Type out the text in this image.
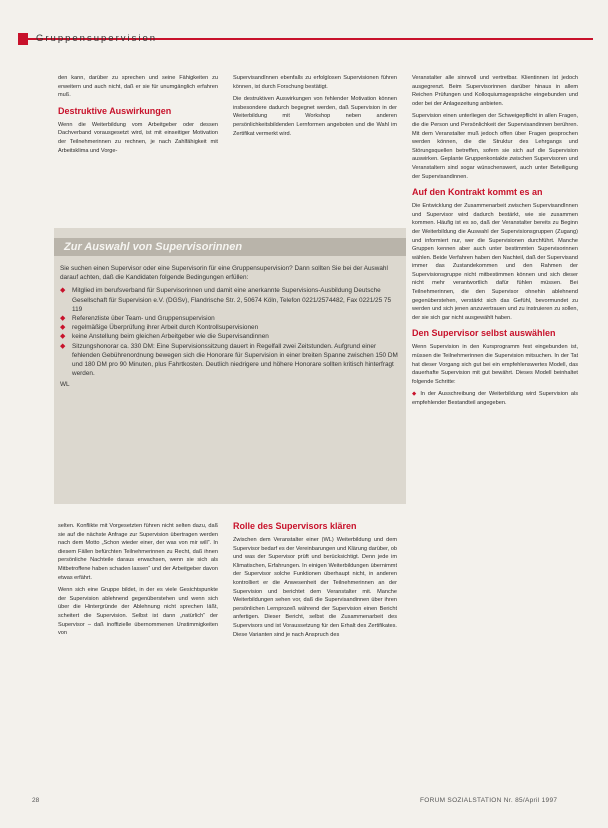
Gruppensupervision

den kann, darüber zu sprechen und seine Fähigkeiten zu erweitern und auch nicht, daß er sie für unumgänglich erfahren muß.

Destruktive Auswirkungen

Wenn die Weiterbildung vom Arbeitgeber oder dessen Dachverband vorausgesetzt wird, ist mit einseitiger Motivation der Teilnehmerinnen zu rechnen, je nach Zahlfähigkeit mit Arbeitsklima und Vorge-

SupervisandInnen ebenfalls zu erfolglosen Supervisionen führen können, ist durch Forschung bestätigt.

Die destruktiven Auswirkungen von fehlender Motivation können insbesondere dadurch begegnet werden, daß Supervision in der Weiterbildung mit Workshop neben anderen persönlichkeitsbildenden Lernformen angeboten und die Wahl im Zertifikat vermerkt wird.

Veranstalter alle sinnvoll und vertretbar. Klientinnen ist jedoch ausgegrenzt. Beim Supervisorinnen darüber hinaus in allem Reichen Prüfungen und Kolloquiumsgespräche eingebunden und oder bei der Anlagezeitung anbieten.

Supervision einen unterliegen der Schweigepflicht in allen Fragen, die die Person und Persönlichkeit der Supervisandinnen berühren. Mit dem Veranstalter muß jedoch offen über Fragen gesprochen werden können, die die Struktur des Lehrgangs und Störungsquellen betreffen, sofern sie sich auf die Supervision auswirken. Geplante Gruppenkontakte zwischen Supervisoren und Veranstaltern sind sogar wünschenswert, auch unter Beteiligung der Supervisandinnen.

Auf den Kontrakt kommt es an

Die Entwicklung der Zusammenarbeit zwischen SupervisandInnen und Supervisor wird dadurch bestärkt, wie sie zusammen kommen. Häufig ist es so, daß der Veranstalter bereits zu Beginn der Weiterbildung die Auswahl der Supervisionsgruppen (Zugang) und informiert nur, wer die Supervisionen durchführt. Manche Gruppen kennen aber auch unter bestimmten Supervisorinnen wählen. Beide Verfahren haben den Nachteil, daß der Supervisand immer das Zustandekommen und den Rahmen der Supervisionsgruppe nicht mitbestimmen können und sich dieser nicht mehr verantwortlich dafür fühlen müssen. Bei Teilnehmerinnen, die den Supervisor ohnehin ablehnend gegenüberstehen, verstärkt sich das Gefühl, bevormundet zu werden und sich jenen anzuvertrauen und zu instruieren zu sollen, der sie sich gar nicht ausgewählt haben.

Den Supervisor selbst auswählen

Wenn Supervision in den Kursprogramm fest eingebunden ist, müssen die Teilnehmerinnen die Supervision mitsuchen. In der Tat hat dieser Vorgang sich gut bei ein empfehlenswertes Modell, das dauerhafte Supervision mit gut bewährt. Dieses Modell beinhaltet folgende Schritte:

◆ In der Ausschreibung der Weiterbildung wird Supervision als empfehlender Bestandteil angegeben.

Zur Auswahl von Supervisorinnen

Sie suchen einen Supervisor oder eine Supervisorin für eine Gruppensupervision? Dann sollten Sie bei der Auswahl darauf achten, daß die Kandidaten folgende Bedingungen erfüllen:

◆ Mitglied im berufsverband für Supervisorinnen und damit eine anerkannte Supervisions-Ausbildung Deutsche Gesellschaft für Supervision e.V. (DGSv), Flandrische Str. 2, 50674 Köln, Telefon 0221/2574482, Fax 0221/25 75 119
◆ Referenzliste über Team- und Gruppensupervision
◆ regelmäßige Überprüfung ihrer Arbeit durch Kontrollsupervisionen
◆ keine Anstellung beim gleichen Arbeitgeber wie die Supervisandinnen
◆ Sitzungshonorar ca. 330 DM: Eine Supervisionssitzung dauert in Regelfall zwei Zeitstunden. Aufgrund einer fehlenden Gebührenordnung bewegen sich die Honorare für Supervision in einer breiten Spanne zwischen 150 DM und 180 DM pro 90 Minuten, plus Fahrtkosten. Deutlich niedrigere und höhere Honorare sollten kritisch hinterfragt werden.
WL

selten. Konflikte mit Vorgesetzten führen nicht selten dazu, daß sie auf die nächste Anfrage zur Supervision übertragen werden nach dem Motto „Schon wieder einer, der was von mir will“. In diesem Fällen befürchten Teilnehmerinnen zu Recht, daß ihnen persönliche Nachteile daraus erwachsen, wenn sie sich als Mitbetroffene haben schaden lassen“ und der Arbeitgeber davon etwas erfährt.

Wenn sich eine Gruppe bildet, in der es viele Gesichtspunkte der Supervision ablehnend gegenüberstehen und wenn sich über die Hintergründe der Ablehnung nicht sprechen läßt, scheitert die Supervision. Selbst ist dann „natürlich“ der Supervisor – daß inoffizielle übernommenen Unstimmigkeiten von

Rolle des Supervisors klären

Zwischen dem Veranstalter einer (WL) Weiterbildung und dem Supervisor bedarf es der Vereinbarungen und Klärung darüber, ob und was der Supervisor prüft und berücksichtigt. Denn jede im Klimatischen, Erfahrungen. In einigen Weiterbildungen übernimmt der Supervisor solche Funktionen überhaupt nicht, in anderen kontrolliert er die Anwesenheit der Teilnehmerinnen an der Supervision und berichtet dem Veranstalter mit. Manche Weiterbildungen sehen vor, daß die Supervisandinnen über ihren persönlichen Lernprozeß während der Supervision einen Bericht anfertigen. Dieser Bericht, selbst die Zusammenarbeit des Supervisors und ist Voraussetzung für den Erhalt des Zertifikates. Diese Varianten sind je nach Anspruch des

28	FORUM SOZIALSTATION Nr. 85/April 1997
